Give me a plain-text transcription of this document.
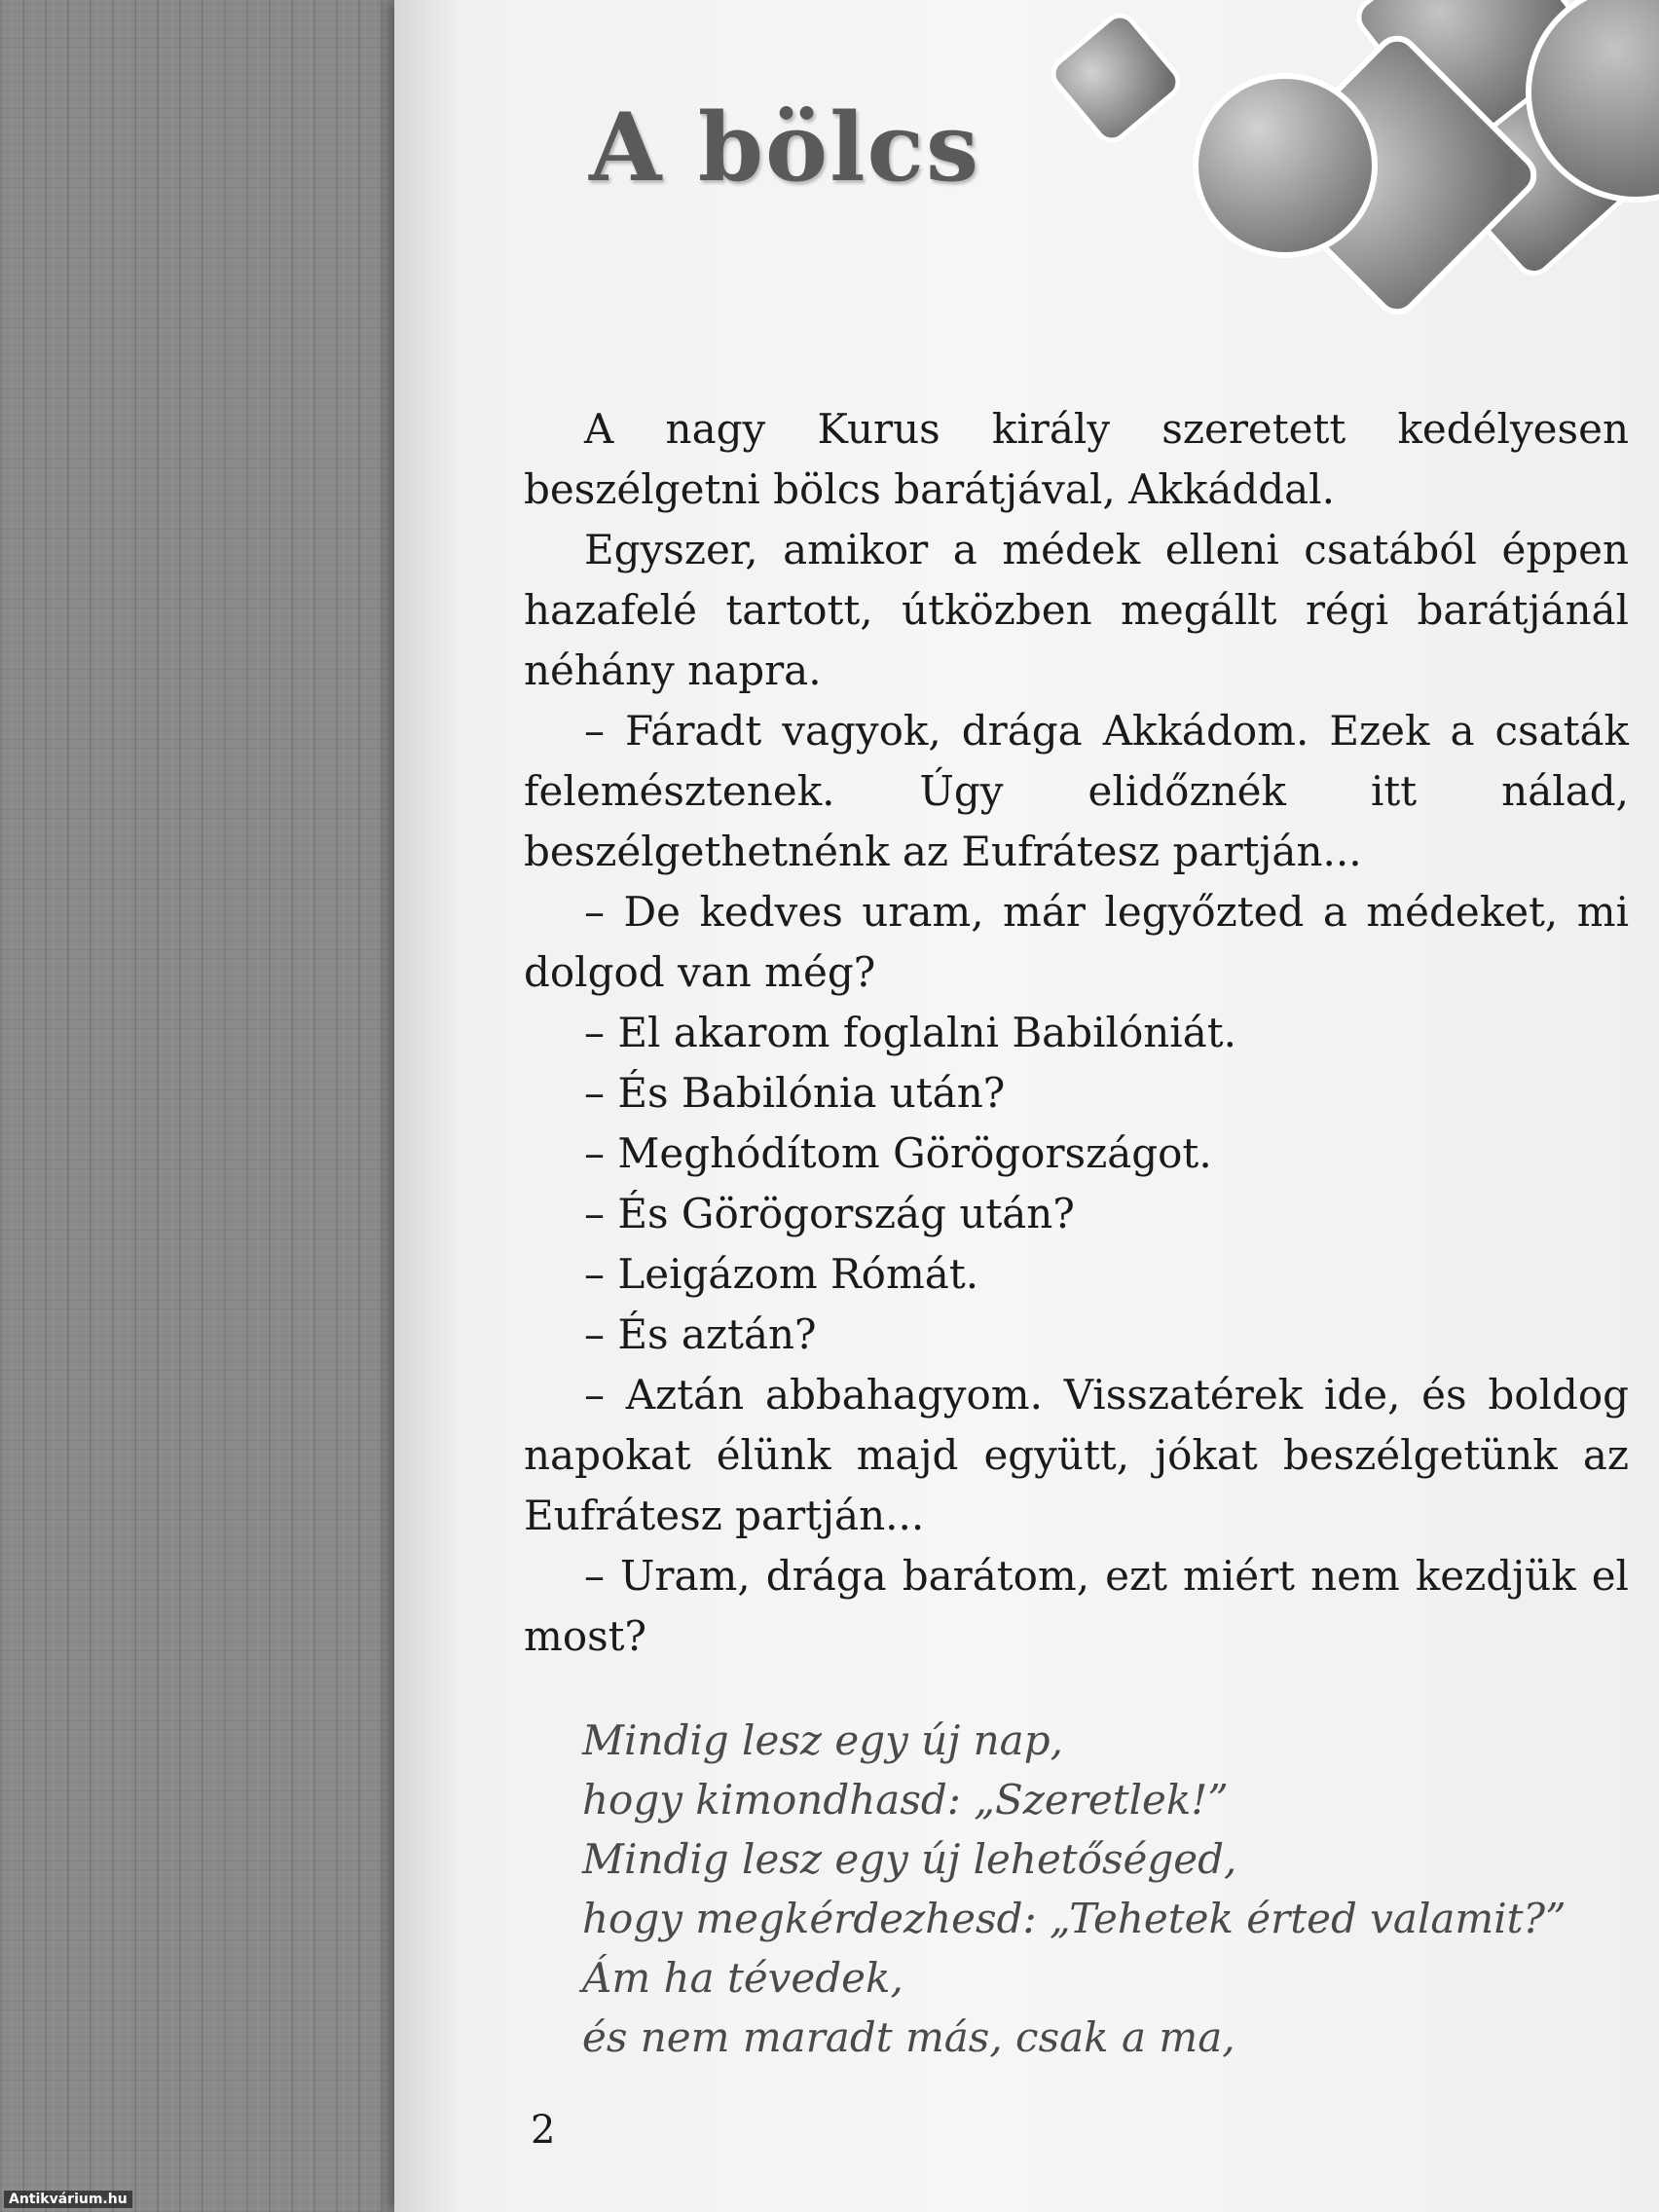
Antikvárium.hu
A bölcs

A nagy Kurus király szeretett kedélyesen beszélgetni bölcs barátjával, Akkáddal.

Egyszer, amikor a médek elleni csatából éppen hazafelé tartott, útközben megállt régi barátjánál néhány napra.

– Fáradt vagyok, drága Akkádom. Ezek a csaták felemésztenek. Úgy elidőznék itt nálad, beszélgethetnénk az Eufrátesz partján...

– De kedves uram, már legyőzted a médeket, mi dolgod van még?

– El akarom foglalni Babilóniát.

– És Babilónia után?

– Meghódítom Görögországot.

– És Görögország után?

– Leigázom Rómát.

– És aztán?

– Aztán abbahagyom. Visszatérek ide, és boldog napokat élünk majd együtt, jókat beszélgetünk az Eufrátesz partján...

– Uram, drága barátom, ezt miért nem kezdjük el most?

Mindig lesz egy új nap,
hogy kimondhasd: „Szeretlek!”
Mindig lesz egy új lehetőséged,
hogy megkérdezhesd: „Tehetek érted valamit?”
Ám ha tévedek,
és nem maradt más, csak a ma,
2
